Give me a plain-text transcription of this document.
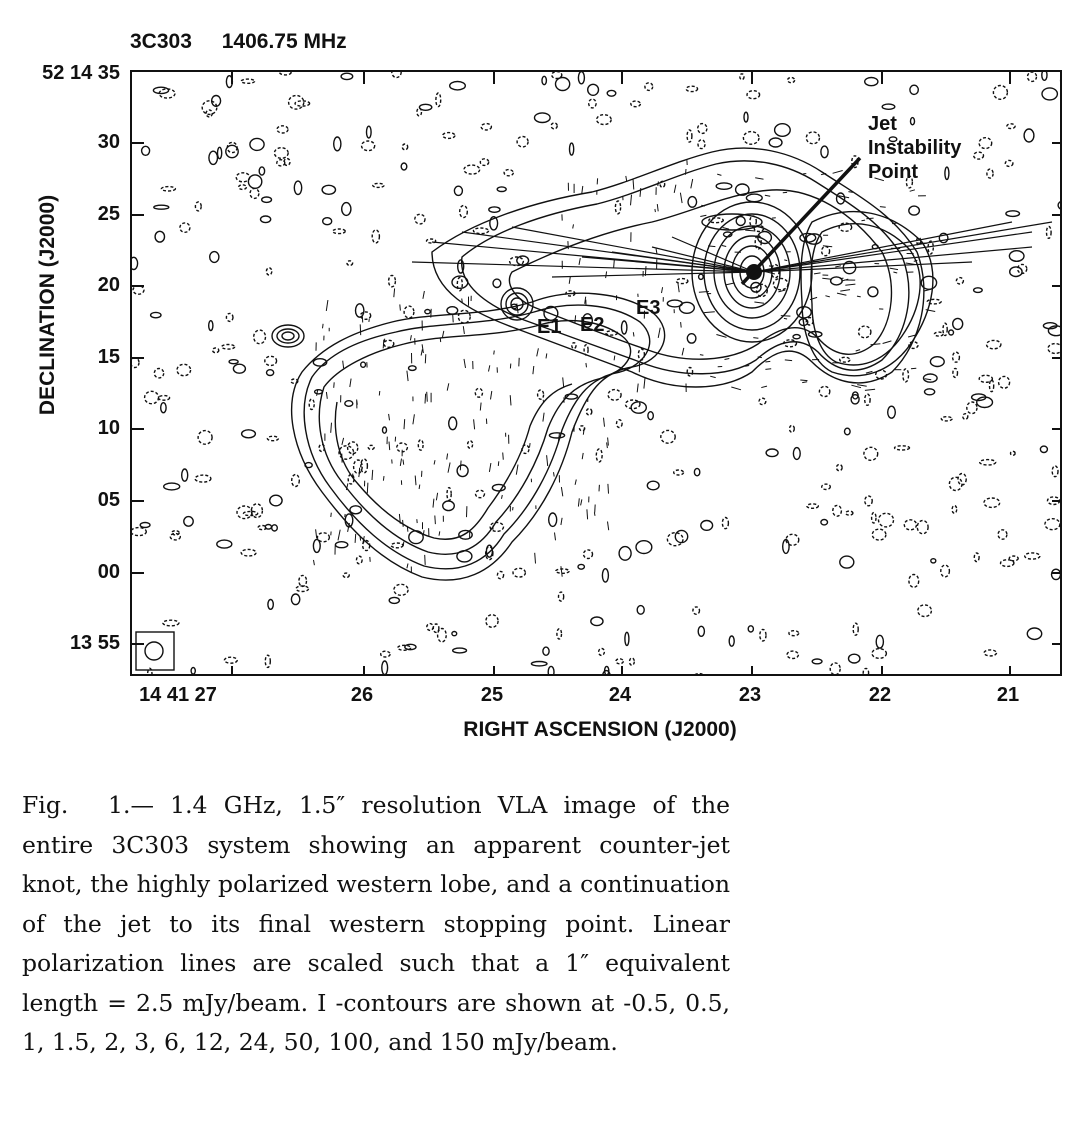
3C303 1406.75 MHz
52 14 35
30
25
20
15
10
05
00
13 55
DECLINATION (J2000)
Jet
Instability
Point
E1 E2
E3
14 41 27	26	25	24	23	22	21
RIGHT ASCENSION (J2000)
Fig.  1.— 1.4 GHz, 1.5″ resolution VLA image of the entire 3C303 system showing an apparent counter-jet knot, the highly polarized western lobe, and a continuation of the jet to its final western stopping point. Linear polarization lines are scaled such that a 1″ equivalent length = 2.5 mJy/beam. I -contours are shown at -0.5, 0.5, 1, 1.5, 2, 3, 6, 12, 24, 50, 100, and 150 mJy/beam.
